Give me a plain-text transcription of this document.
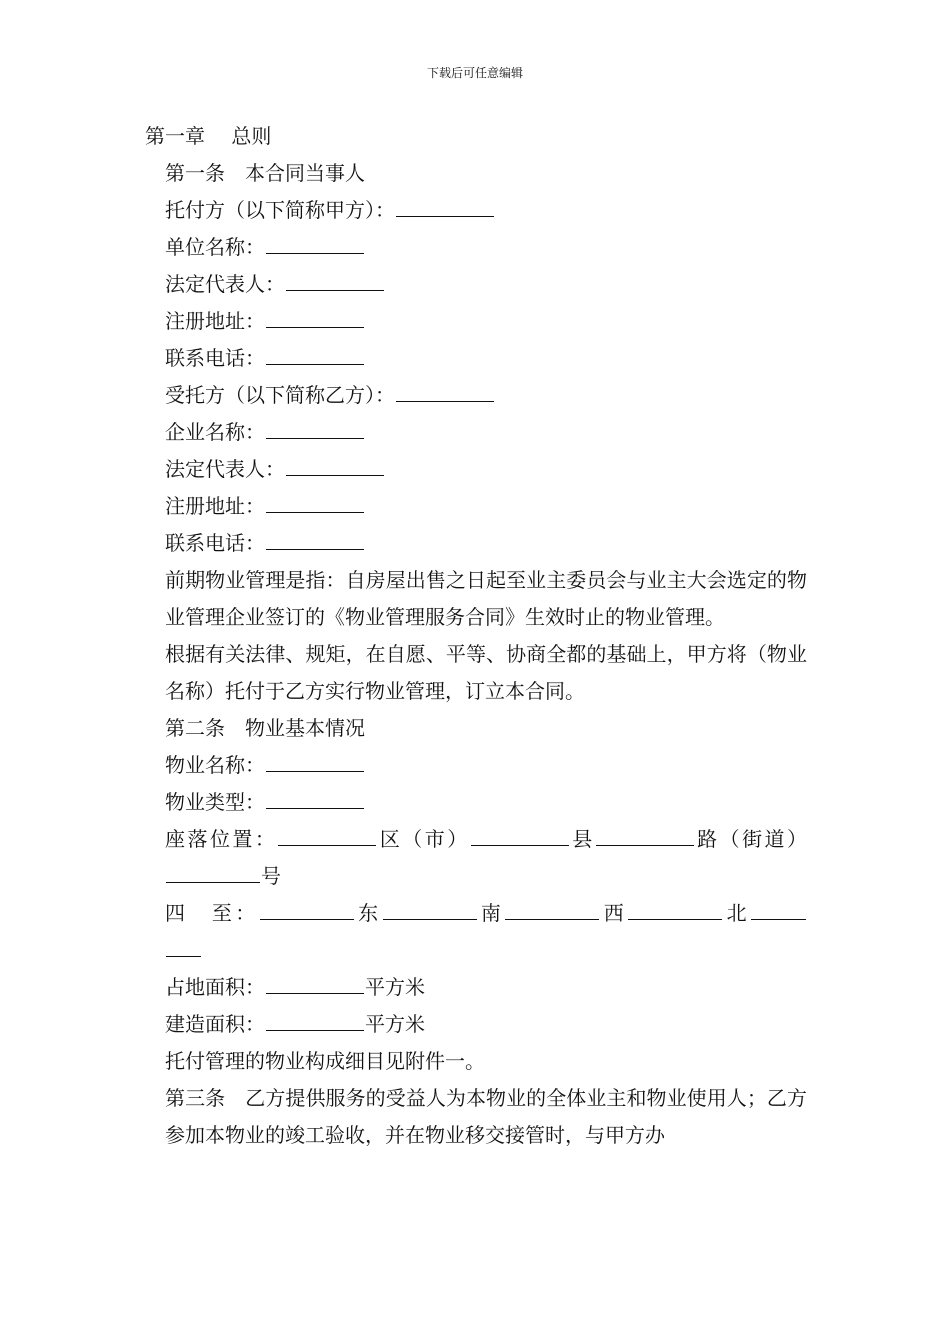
下载后可任意编辑
第一章　 总则
第一条　本合同当事人
托付方（以下简称甲方）：
单位名称：
法定代表人：
注册地址：
联系电话：
受托方（以下简称乙方）：
企业名称：
法定代表人：
注册地址：
联系电话：
前期物业管理是指：自房屋出售之日起至业主委员会与业主大会选定的物业管理企业签订的《物业管理服务合同》生效时止的物业管理。
根据有关法律、规矩，在自愿、平等、协商全都的基础上，甲方将（物业名称）托付于乙方实行物业管理，订立本合同。
第二条　物业基本情况
物业名称：
物业类型：
座落位置：	区（市）	县	路（街道） 号
四　至：	东	南	西	北
占地面积：	平方米
建造面积：	平方米
托付管理的物业构成细目见附件一。
第三条　乙方提供服务的受益人为本物业的全体业主和物业使用人；乙方参加本物业的竣工验收，并在物业移交接管时，与甲方办
